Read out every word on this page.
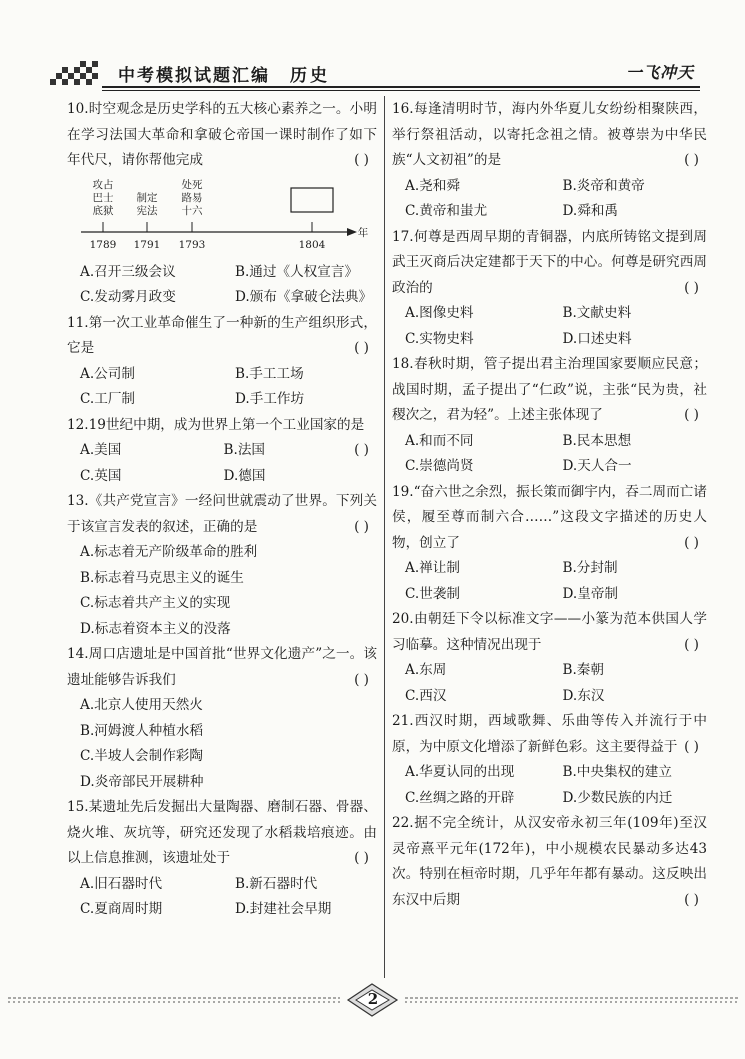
中考模拟试题汇编 历史	一飞冲天
10.时空观念是历史学科的五大核心素养之一。小明在学习法国大革命和拿破仑帝国一课时制作了如下年代尺，请你帮他完成	( )
攻占
巴士
底狱
制定
宪法
处死
路易
十六
1789 1791 1793	1804
年
A.召开三级会议	B.通过《人权宣言》
C.发动雾月政变	D.颁布《拿破仑法典》
11.第一次工业革命催生了一种新的生产组织形式，它是	( )
A.公司制	B.手工工场
C.工厂制	D.手工作坊
12.19世纪中期，成为世界上第一个工业国家的是
( )
A.美国	B.法国
C.英国	D.德国
13.《共产党宣言》一经问世就震动了世界。下列关于该宣言发表的叙述，正确的是	( )
A.标志着无产阶级革命的胜利
B.标志着马克思主义的诞生
C.标志着共产主义的实现
D.标志着资本主义的没落
14.周口店遗址是中国首批“世界文化遗产”之一。该遗址能够告诉我们	( )
A.北京人使用天然火
B.河姆渡人种植水稻
C.半坡人会制作彩陶
D.炎帝部民开展耕种
15.某遗址先后发掘出大量陶器、磨制石器、骨器、烧火堆、灰坑等，研究还发现了水稻栽培痕迹。由以上信息推测，该遗址处于	( )
A.旧石器时代	B.新石器时代
C.夏商周时期	D.封建社会早期
16.每逢清明时节，海内外华夏儿女纷纷相聚陕西，举行祭祖活动，以寄托念祖之情。被尊崇为中华民族“人文初祖”的是	( )
A.尧和舜	B.炎帝和黄帝
C.黄帝和蚩尤	D.舜和禹
17.何尊是西周早期的青铜器，内底所铸铭文提到周武王灭商后决定建都于天下的中心。何尊是研究西周政治的	( )
A.图像史料	B.文献史料
C.实物史料	D.口述史料
18.春秋时期，管子提出君主治理国家要顺应民意；战国时期，孟子提出了“仁政”说，主张“民为贵，社稷次之，君为轻”。上述主张体现了	( )
A.和而不同	B.民本思想
C.崇德尚贤	D.天人合一
19.“奋六世之余烈，振长策而御宇内，吞二周而亡诸侯，履至尊而制六合……”这段文字描述的历史人物，创立了	( )
A.禅让制	B.分封制
C.世袭制	D.皇帝制
20.由朝廷下令以标准文字——小篆为范本供国人学习临摹。这种情况出现于	( )
A.东周	B.秦朝
C.西汉	D.东汉
21.西汉时期，西域歌舞、乐曲等传入并流行于中原，为中原文化增添了新鲜色彩。这主要得益于 ( )
A.华夏认同的出现	B.中央集权的建立
C.丝绸之路的开辟	D.少数民族的内迁
22.据不完全统计，从汉安帝永初三年(109年)至汉灵帝熹平元年(172年)，中小规模农民暴动多达43次。特别在桓帝时期，几乎年年都有暴动。这反映出东汉中后期	( )
2
